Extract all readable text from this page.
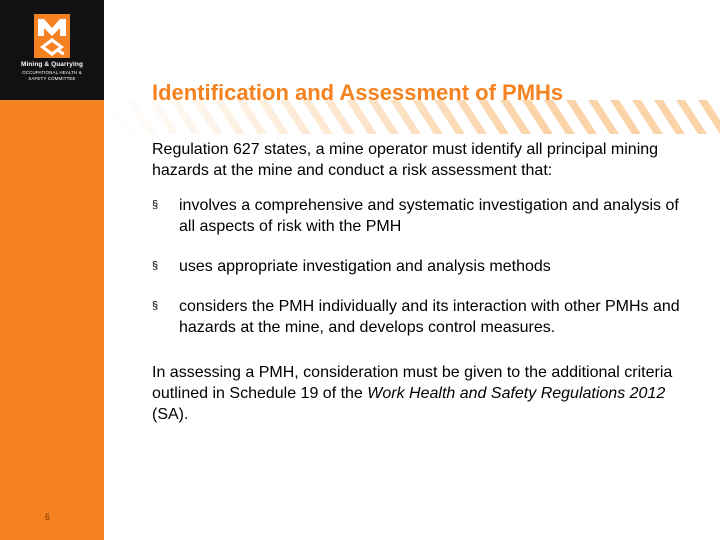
Mining & Quarrying
OCCUPATIONAL HEALTH &
SAFETY COMMITTEE
Identification and Assessment of PMHs

Regulation 627 states, a mine operator must identify all principal mining hazards at the mine and conduct a risk assessment that:

§ involves a comprehensive and systematic investigation and analysis of all aspects of risk with the PMH
§ uses appropriate investigation and analysis methods
§ considers the PMH individually and its interaction with other PMHs and hazards at the mine, and develops control measures.

In assessing a PMH, consideration must be given to the additional criteria outlined in Schedule 19 of the Work Health and Safety Regulations 2012 (SA).

6
